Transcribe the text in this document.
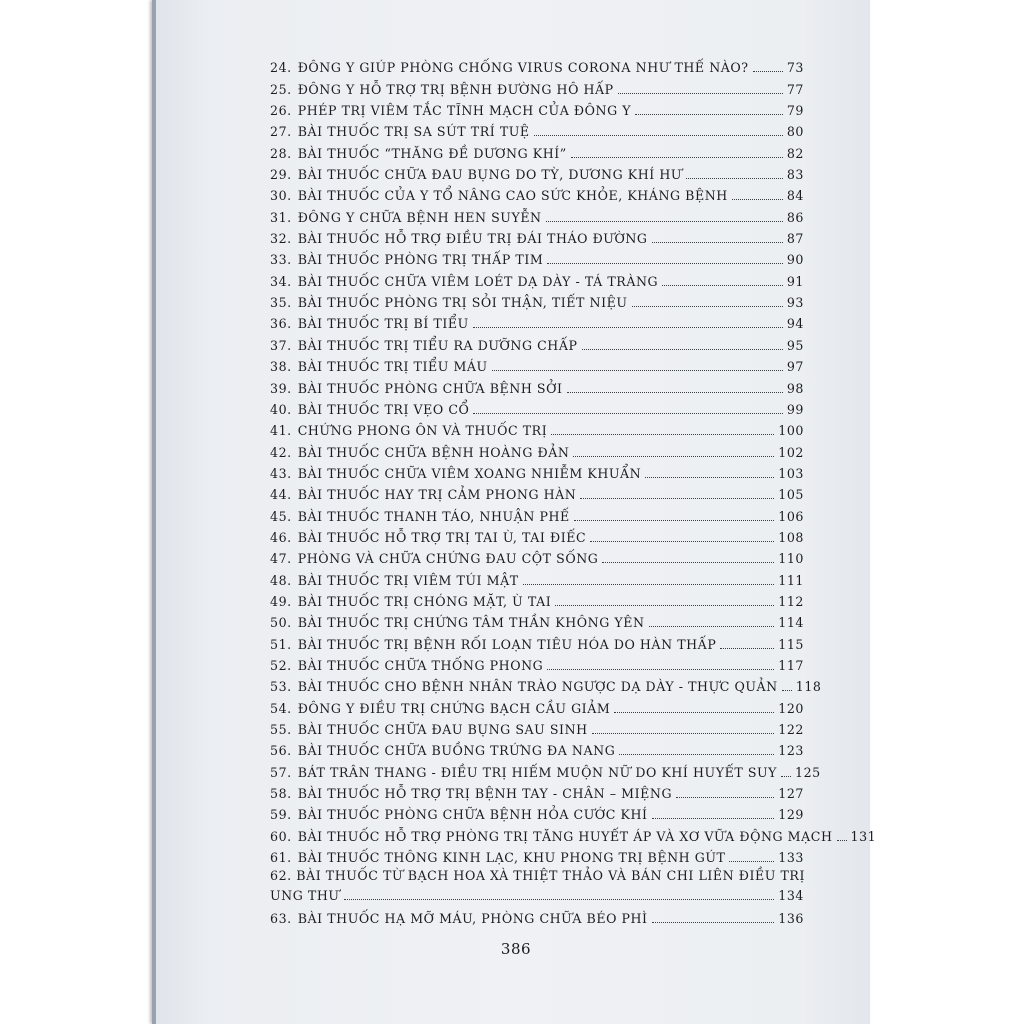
24. ĐÔNG Y GIÚP PHÒNG CHỐNG VIRUS CORONA NHƯ THẾ NÀO?	73
25. ĐÔNG Y HỖ TRỢ TRỊ BỆNH ĐƯỜNG HÔ HẤP	77
26. PHÉP TRỊ VIÊM TẮC TĨNH MẠCH CỦA ĐÔNG Y	79
27. BÀI THUỐC TRỊ SA SÚT TRÍ TUỆ	80
28. BÀI THUỐC “THĂNG ĐỀ DƯƠNG KHÍ”	82
29. BÀI THUỐC CHỮA ĐAU BỤNG DO TỲ, DƯƠNG KHÍ HƯ	83
30. BÀI THUỐC CỦA Y TỔ NÂNG CAO SỨC KHỎE, KHÁNG BỆNH	84
31. ĐÔNG Y CHỮA BỆNH HEN SUYỄN	86
32. BÀI THUỐC HỖ TRỢ ĐIỀU TRỊ ĐÁI THÁO ĐƯỜNG	87
33. BÀI THUỐC PHÒNG TRỊ THẤP TIM	90
34. BÀI THUỐC CHỮA VIÊM LOÉT DẠ DÀY - TÁ TRÀNG	91
35. BÀI THUỐC PHÒNG TRỊ SỎI THẬN, TIẾT NIỆU	93
36. BÀI THUỐC TRỊ BÍ TIỂU	94
37. BÀI THUỐC TRỊ TIỂU RA DƯỠNG CHẤP	95
38. BÀI THUỐC TRỊ TIỂU MÁU	97
39. BÀI THUỐC PHÒNG CHỮA BỆNH SỞI	98
40. BÀI THUỐC TRỊ VẸO CỔ	99
41. CHỨNG PHONG ÔN VÀ THUỐC TRỊ	100
42. BÀI THUỐC CHỮA BỆNH HOÀNG ĐẢN	102
43. BÀI THUỐC CHỮA VIÊM XOANG NHIỄM KHUẨN	103
44. BÀI THUỐC HAY TRỊ CẢM PHONG HÀN	105
45. BÀI THUỐC THANH TÁO, NHUẬN PHẾ	106
46. BÀI THUỐC HỖ TRỢ TRỊ TAI Ù, TAI ĐIẾC	108
47. PHÒNG VÀ CHỮA CHỨNG ĐAU CỘT SỐNG	110
48. BÀI THUỐC TRỊ VIÊM TÚI MẬT	111
49. BÀI THUỐC TRỊ CHÓNG MẶT, Ù TAI	112
50. BÀI THUỐC TRỊ CHỨNG TÂM THẦN KHÔNG YÊN	114
51. BÀI THUỐC TRỊ BỆNH RỐI LOẠN TIÊU HÓA DO HÀN THẤP	115
52. BÀI THUỐC CHỮA THỐNG PHONG	117
53. BÀI THUỐC CHO BỆNH NHÂN TRÀO NGƯỢC DẠ DÀY - THỰC QUẢN 118
54. ĐÔNG Y ĐIỀU TRỊ CHỨNG BẠCH CẦU GIẢM	120
55. BÀI THUỐC CHỮA ĐAU BỤNG SAU SINH	122
56. BÀI THUỐC CHỮA BUỒNG TRỨNG ĐA NANG	123
57. BÁT TRÂN THANG - ĐIỀU TRỊ HIẾM MUỘN NỮ DO KHÍ HUYẾT SUY 125
58. BÀI THUỐC HỖ TRỢ TRỊ BỆNH TAY - CHÂN – MIỆNG	127
59. BÀI THUỐC PHÒNG CHỮA BỆNH HỎA CƯỚC KHÍ	129
60. BÀI THUỐC HỖ TRỢ PHÒNG TRỊ TĂNG HUYẾT ÁP VÀ XƠ VỮA ĐỘNG MẠCH 131
61. BÀI THUỐC THÔNG KINH LẠC, KHU PHONG TRỊ BỆNH GÚT	133
62. BÀI THUỐC TỪ BẠCH HOA XÀ THIỆT THẢO VÀ BÁN CHI LIÊN ĐIỀU TRỊ
UNG THƯ	134
63. BÀI THUỐC HẠ MỠ MÁU, PHÒNG CHỮA BÉO PHÌ	136
386
